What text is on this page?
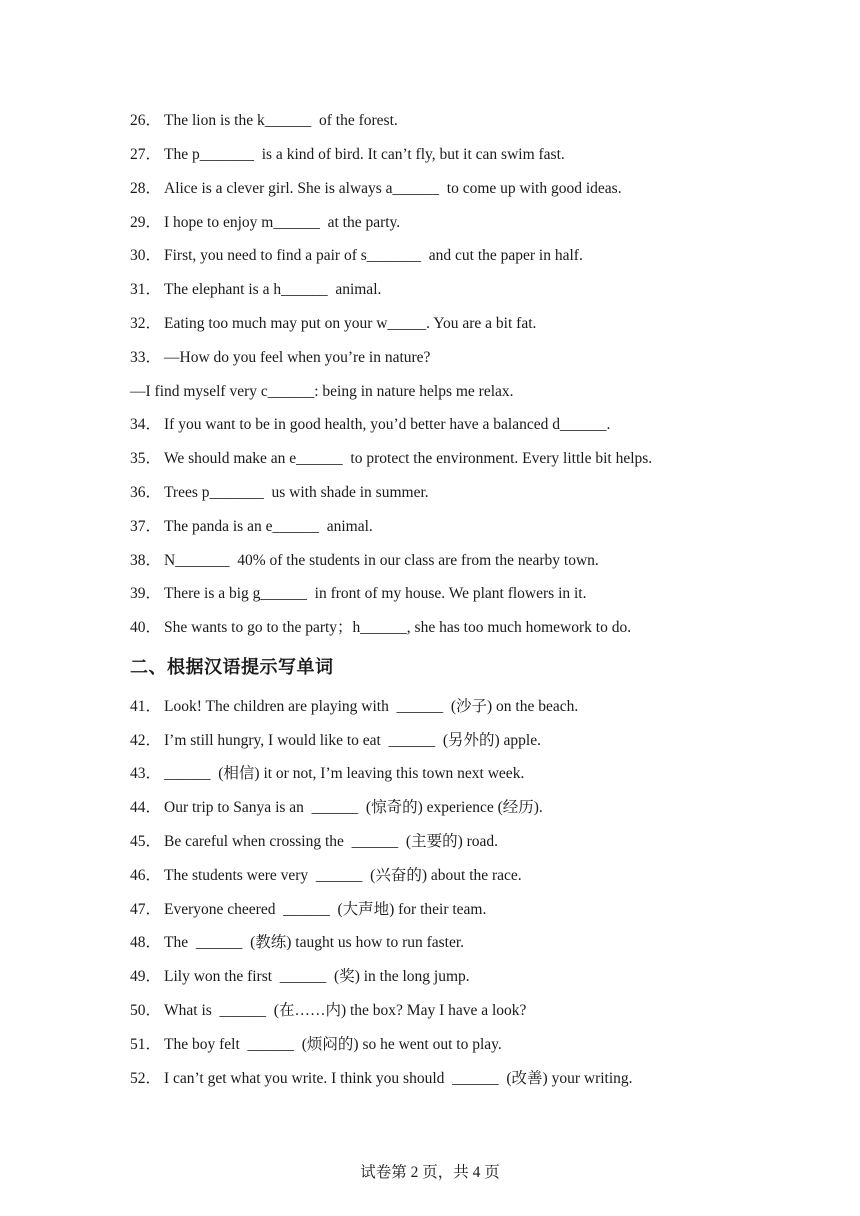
26． The lion is the k______  of the forest.
27． The p_______  is a kind of bird. It can’t fly, but it can swim fast.
28． Alice is a clever girl. She is always a______  to come up with good ideas.
29． I hope to enjoy m______  at the party.
30． First, you need to find a pair of s_______  and cut the paper in half.
31． The elephant is a h______  animal.
32． Eating too much may put on your w_____. You are a bit fat.
33． —How do you feel when you’re in nature?
—I find myself very c______: being in nature helps me relax.
34． If you want to be in good health, you’d better have a balanced d______.
35． We should make an e______  to protect the environment. Every little bit helps.
36． Trees p_______  us with shade in summer.
37． The panda is an e______  animal.
38． N_______  40% of the students in our class are from the nearby town.
39． There is a big g______  in front of my house. We plant flowers in it.
40． She wants to go to the party；h______, she has too much homework to do.
二、根据汉语提示写单词
41． Look! The children are playing with  ______  (沙子) on the beach.
42． I’m still hungry, I would like to eat  ______  (另外的) apple.
43． ______  (相信) it or not, I’m leaving this town next week.
44． Our trip to Sanya is an  ______  (惊奇的) experience (经历).
45． Be careful when crossing the  ______  (主要的) road.
46． The students were very  ______  (兴奋的) about the race.
47． Everyone cheered  ______  (大声地) for their team.
48． The  ______  (教练) taught us how to run faster.
49． Lily won the first  ______  (奖) in the long jump.
50． What is  ______  (在……内) the box? May I have a look?
51． The boy felt  ______  (烦闷的) so he went out to play.
52． I can’t get what you write. I think you should  ______  (改善) your writing.
试卷第 2 页，共 4 页
